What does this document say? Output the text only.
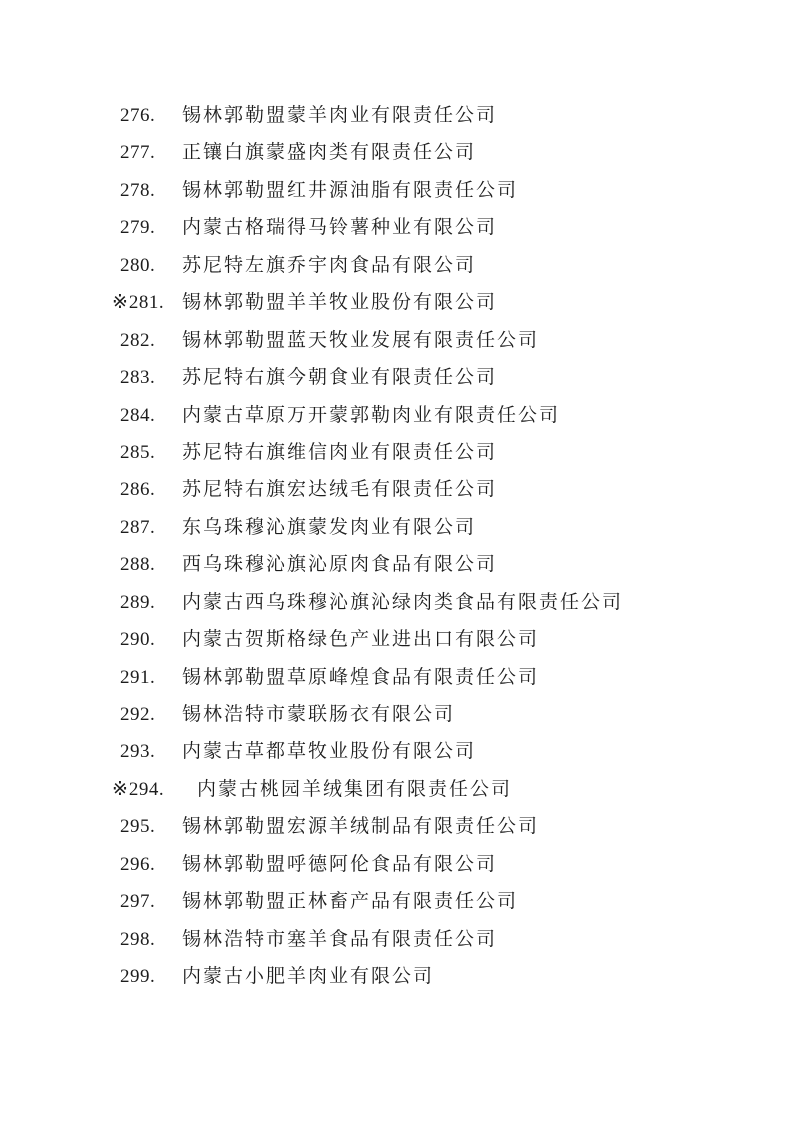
276. 锡林郭勒盟蒙羊肉业有限责任公司
277. 正镶白旗蒙盛肉类有限责任公司
278. 锡林郭勒盟红井源油脂有限责任公司
279. 内蒙古格瑞得马铃薯种业有限公司
280. 苏尼特左旗乔宇肉食品有限公司
※281. 锡林郭勒盟羊羊牧业股份有限公司
282. 锡林郭勒盟蓝天牧业发展有限责任公司
283. 苏尼特右旗今朝食业有限责任公司
284. 内蒙古草原万开蒙郭勒肉业有限责任公司
285. 苏尼特右旗维信肉业有限责任公司
286. 苏尼特右旗宏达绒毛有限责任公司
287. 东乌珠穆沁旗蒙发肉业有限公司
288. 西乌珠穆沁旗沁原肉食品有限公司
289. 内蒙古西乌珠穆沁旗沁绿肉类食品有限责任公司
290. 内蒙古贺斯格绿色产业进出口有限公司
291. 锡林郭勒盟草原峰煌食品有限责任公司
292. 锡林浩特市蒙联肠衣有限公司
293. 内蒙古草都草牧业股份有限公司
※294. 内蒙古桃园羊绒集团有限责任公司
295. 锡林郭勒盟宏源羊绒制品有限责任公司
296. 锡林郭勒盟呼德阿伦食品有限公司
297. 锡林郭勒盟正林畜产品有限责任公司
298. 锡林浩特市塞羊食品有限责任公司
299. 内蒙古小肥羊肉业有限公司
